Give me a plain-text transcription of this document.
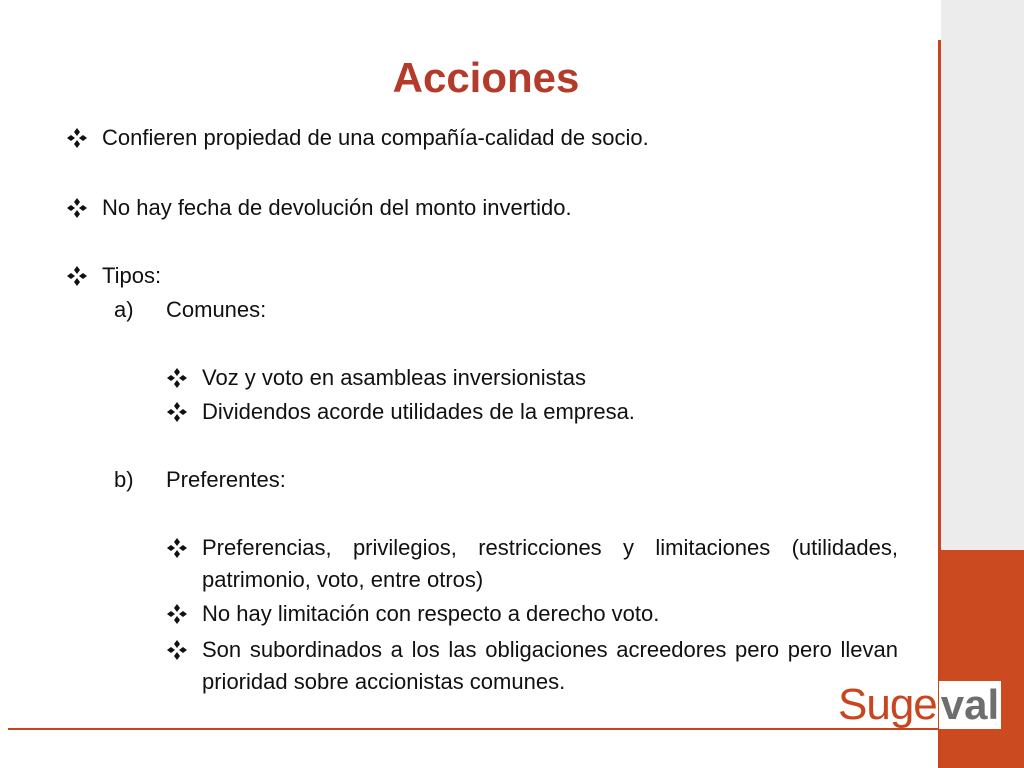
Acciones
Confieren propiedad de una compañía-calidad de socio.
No hay fecha de devolución del monto invertido.
Tipos:
a)	Comunes:
Voz y voto en asambleas inversionistas
Dividendos acorde utilidades de la empresa.
b)	Preferentes:
Preferencias, privilegios, restricciones y limitaciones (utilidades, patrimonio, voto, entre otros)
No hay limitación con respecto a derecho voto.
Son subordinados a los las obligaciones acreedores pero pero llevan prioridad sobre accionistas comunes.	Suge val
